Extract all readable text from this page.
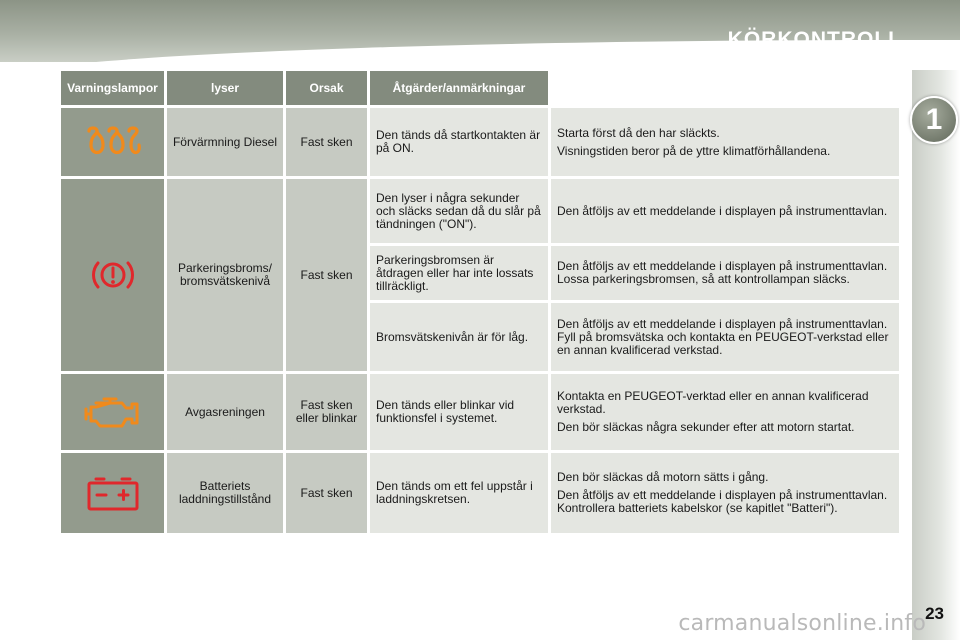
KÖRKONTROLL
1
Varningslampor	lyser	Orsak	Åtgärder/anmärkningar	

	Förvärmning Diesel	Fast sken	Den tänds då startkontakten är på ON.	Starta först då den har släckts.

Visningstiden beror på de yttre klimatförhållandena.

	Parkeringsbroms/ bromsvätskenivå	Fast sken	Den lyser i några sekunder och släcks sedan då du slår på tändningen ("ON").	Den åtföljs av ett meddelande i displayen på instrumenttavlan.

			Parkeringsbromsen är åtdragen eller har inte lossats tillräckligt.	Den åtföljs av ett meddelande i displayen på instrumenttavlan. Lossa parkeringsbromsen, så att kontrollampan släcks.

			Bromsvätskenivån är för låg.	Den åtföljs av ett meddelande i displayen på instrumenttavlan. Fyll på bromsvätska och kontakta en PEUGEOT-verkstad eller en annan kvalificerad verkstad.

	Avgasreningen	Fast sken eller blinkar	Den tänds eller blinkar vid funktionsfel i systemet.	Kontakta en PEUGEOT-verktad eller en annan kvalificerad verkstad.

Den bör släckas några sekunder efter att motorn startat.

	Batteriets laddningstillstånd	Fast sken	Den tänds om ett fel uppstår i laddningskretsen.	Den bör släckas då motorn sätts i gång.

Den åtföljs av ett meddelande i displayen på instrumenttavlan. Kontrollera batteriets kabelskor (se kapitlet "Batteri").

carmanualsonline.info 23
